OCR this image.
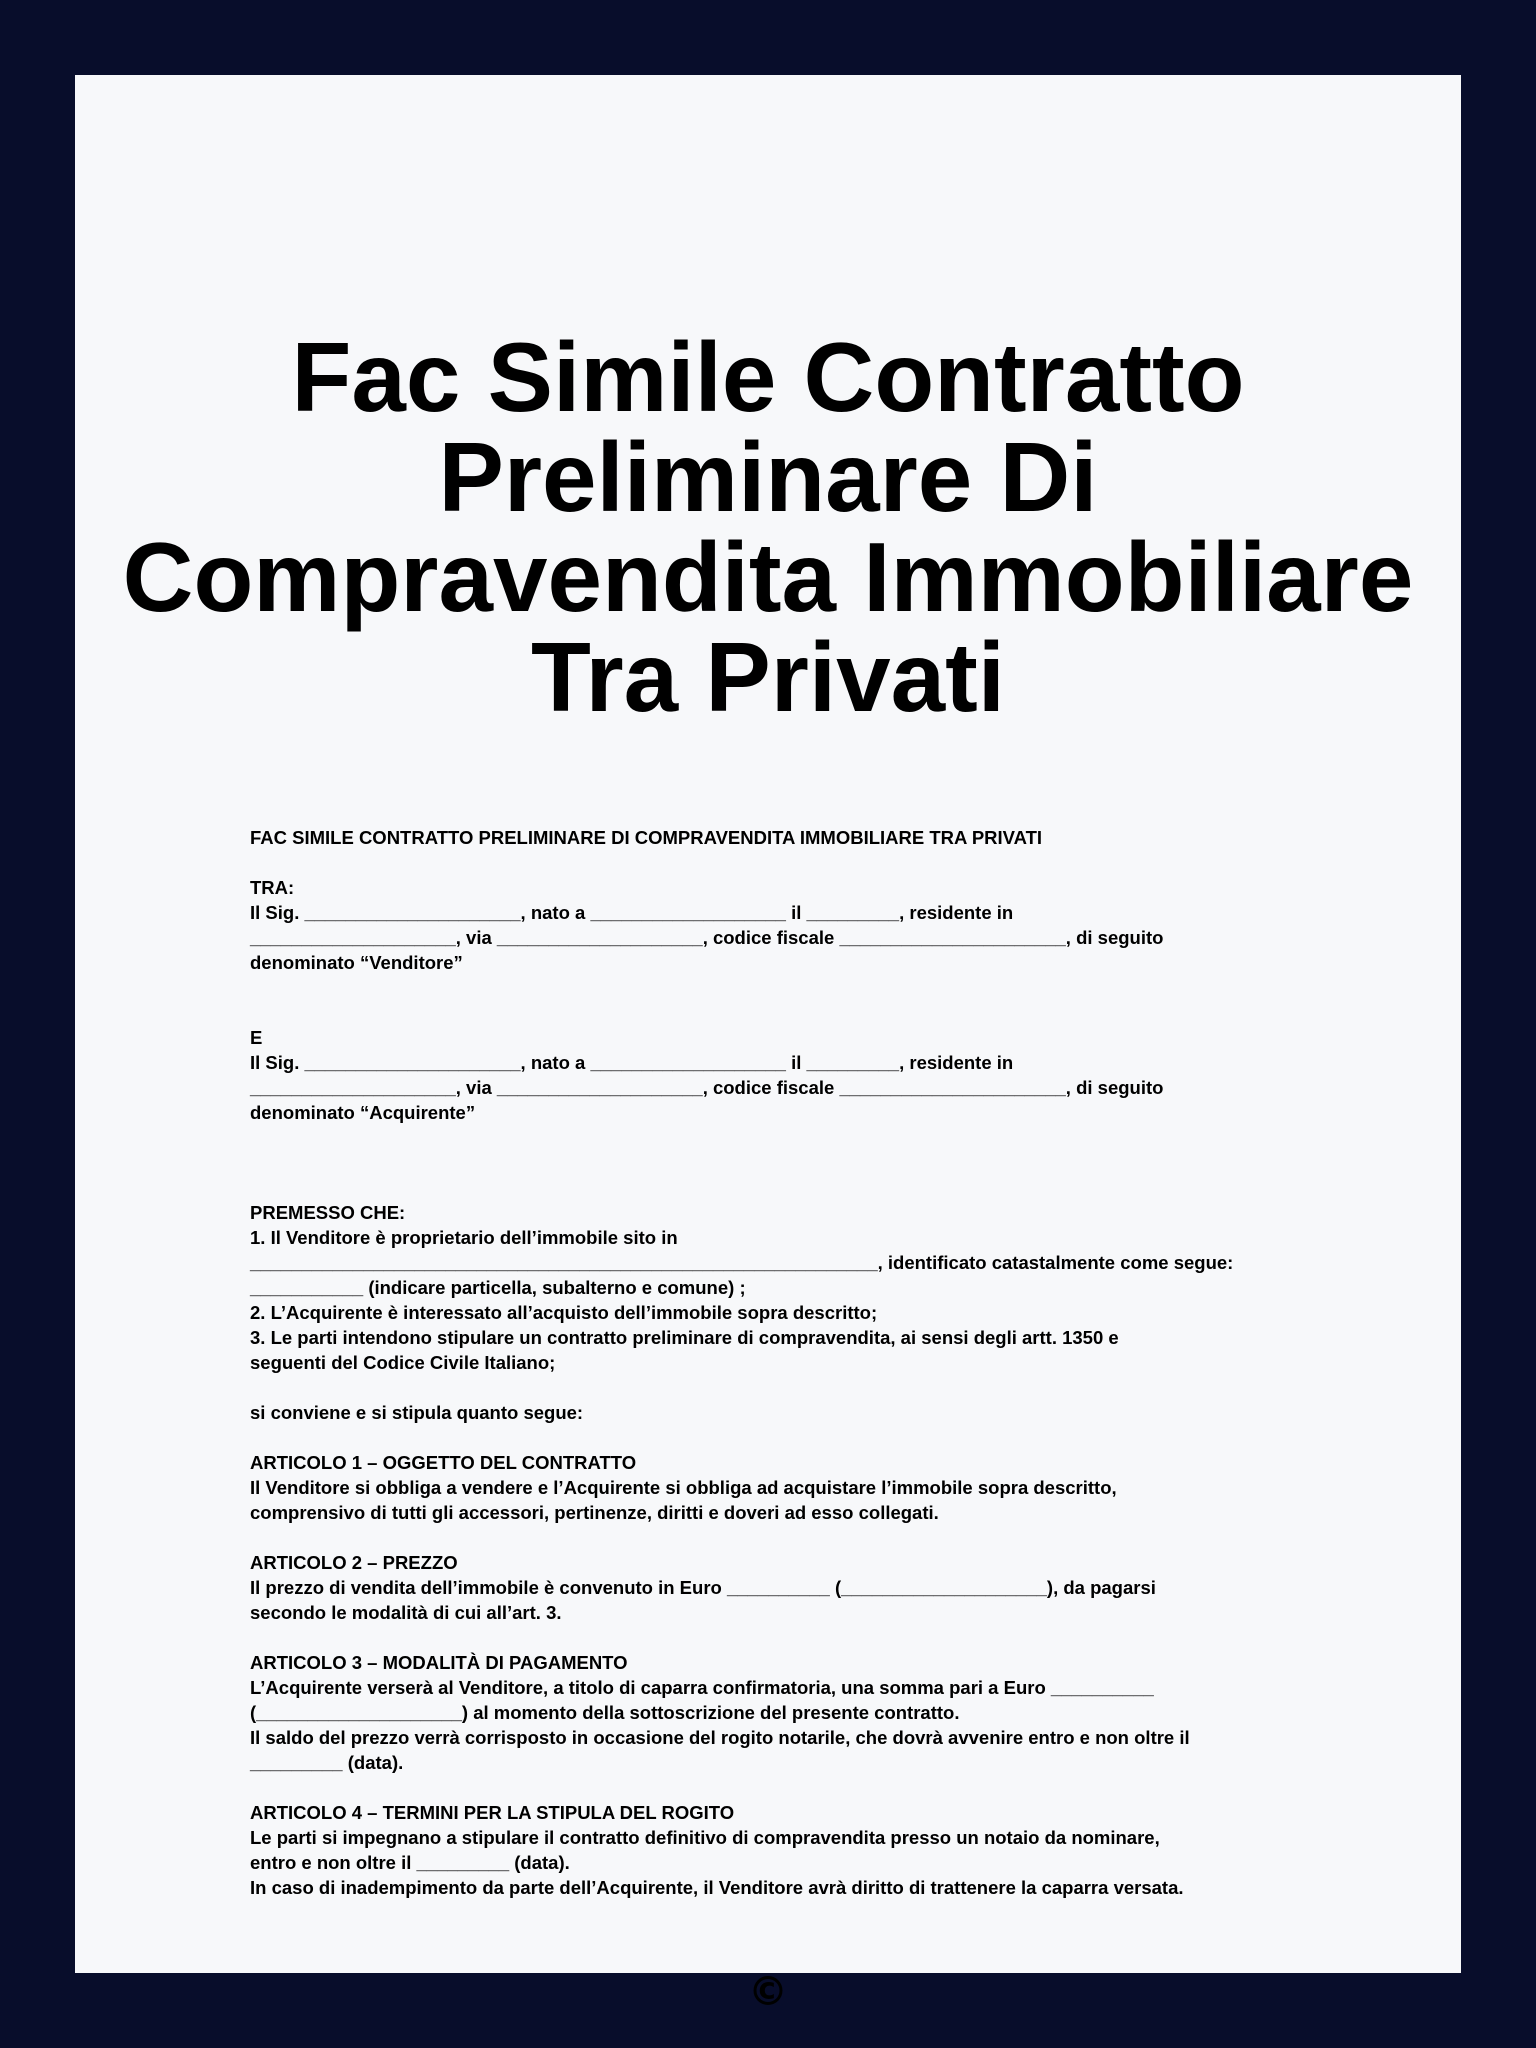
Fac Simile Contratto
Preliminare Di
Compravendita Immobiliare
Tra Privati
FAC SIMILE CONTRATTO PRELIMINARE DI COMPRAVENDITA IMMOBILIARE TRA PRIVATI
TRA:
Il Sig. _____________________, nato a ___________________ il _________, residente in
____________________, via ____________________, codice fiscale ______________________, di seguito
denominato “Venditore”
E
Il Sig. _____________________, nato a ___________________ il _________, residente in
____________________, via ____________________, codice fiscale ______________________, di seguito
denominato “Acquirente”
PREMESSO CHE:
1. Il Venditore è proprietario dell’immobile sito in
_____________________________________________________________, identificato catastalmente come segue:
___________ (indicare particella, subalterno e comune) ;
2. L’Acquirente è interessato all’acquisto dell’immobile sopra descritto;
3. Le parti intendono stipulare un contratto preliminare di compravendita, ai sensi degli artt. 1350 e
seguenti del Codice Civile Italiano;
si conviene e si stipula quanto segue:
ARTICOLO 1 – OGGETTO DEL CONTRATTO
Il Venditore si obbliga a vendere e l’Acquirente si obbliga ad acquistare l’immobile sopra descritto,
comprensivo di tutti gli accessori, pertinenze, diritti e doveri ad esso collegati.
ARTICOLO 2 – PREZZO
Il prezzo di vendita dell’immobile è convenuto in Euro __________ (____________________), da pagarsi
secondo le modalità di cui all’art. 3.
ARTICOLO 3 – MODALITÀ DI PAGAMENTO
L’Acquirente verserà al Venditore, a titolo di caparra confirmatoria, una somma pari a Euro __________
(____________________) al momento della sottoscrizione del presente contratto.
Il saldo del prezzo verrà corrisposto in occasione del rogito notarile, che dovrà avvenire entro e non oltre il
_________ (data).
ARTICOLO 4 – TERMINI PER LA STIPULA DEL ROGITO
Le parti si impegnano a stipulare il contratto definitivo di compravendita presso un notaio da nominare,
entro e non oltre il _________ (data).
In caso di inadempimento da parte dell’Acquirente, il Venditore avrà diritto di trattenere la caparra versata.
©
